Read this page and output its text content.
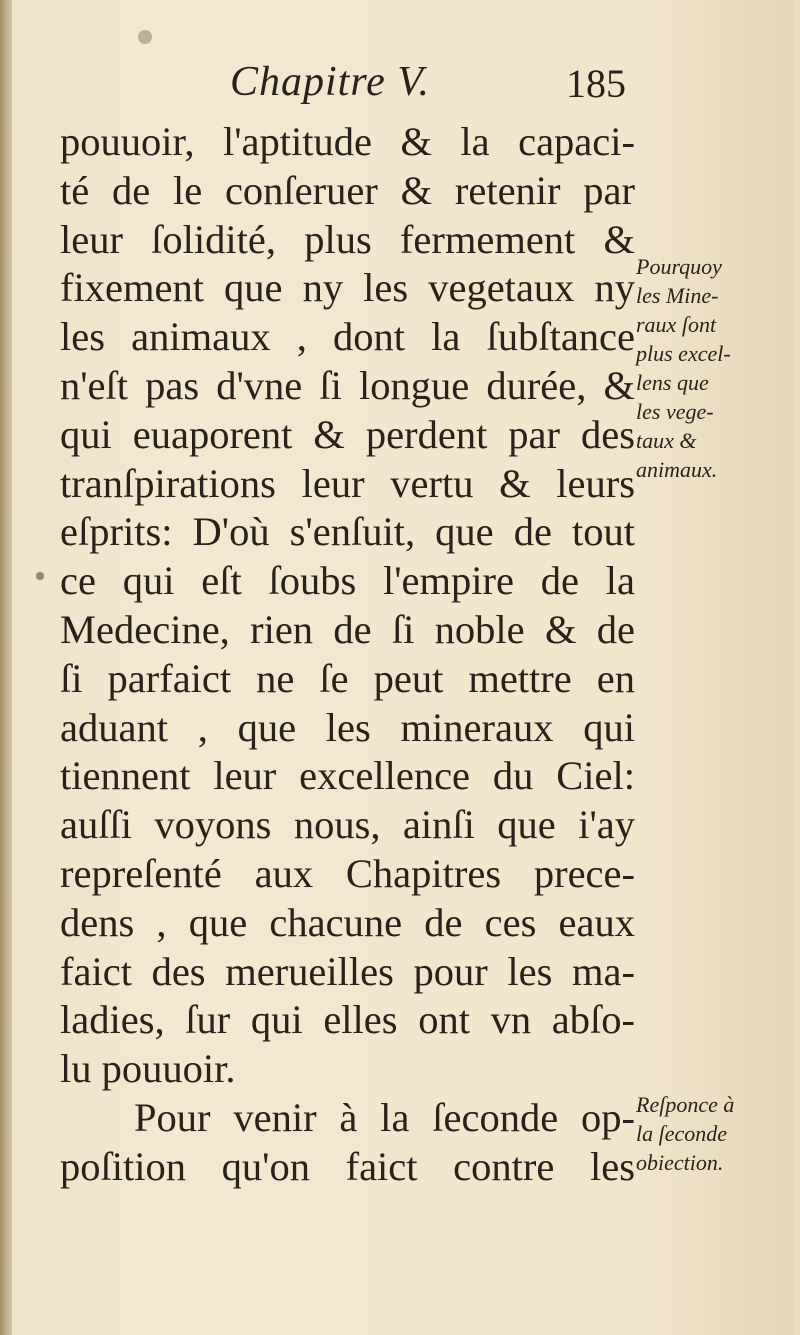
Chapitre V.	185
pouuoir, l'aptitude & la capaci-
té de le conſeruer & retenir par
leur ſolidité, plus fermement &
fixement que ny les vegetaux ny
les animaux , dont la ſubſtance
n'eſt pas d'vne ſi longue durée, &
qui euaporent & perdent par des
tranſpirations leur vertu & leurs
eſprits: D'où s'enſuit, que de tout
ce qui eſt ſoubs l'empire de la
Medecine, rien de ſi noble & de
ſi parfaict ne ſe peut mettre en
aduant , que les mineraux qui
tiennent leur excellence du Ciel:
auſſi voyons nous, ainſi que i'ay
repreſenté aux Chapitres prece-
dens , que chacune de ces eaux
faict des merueilles pour les ma-
ladies, ſur qui elles ont vn abſo-
lu pouuoir.
Pour venir à la ſeconde op-
poſition qu'on faict contre les
Pourquoy
les Mine-
raux ſont
plus excel-
lens que
les vege-
taux &
animaux.
Reſponce à
la ſeconde
obiection.
